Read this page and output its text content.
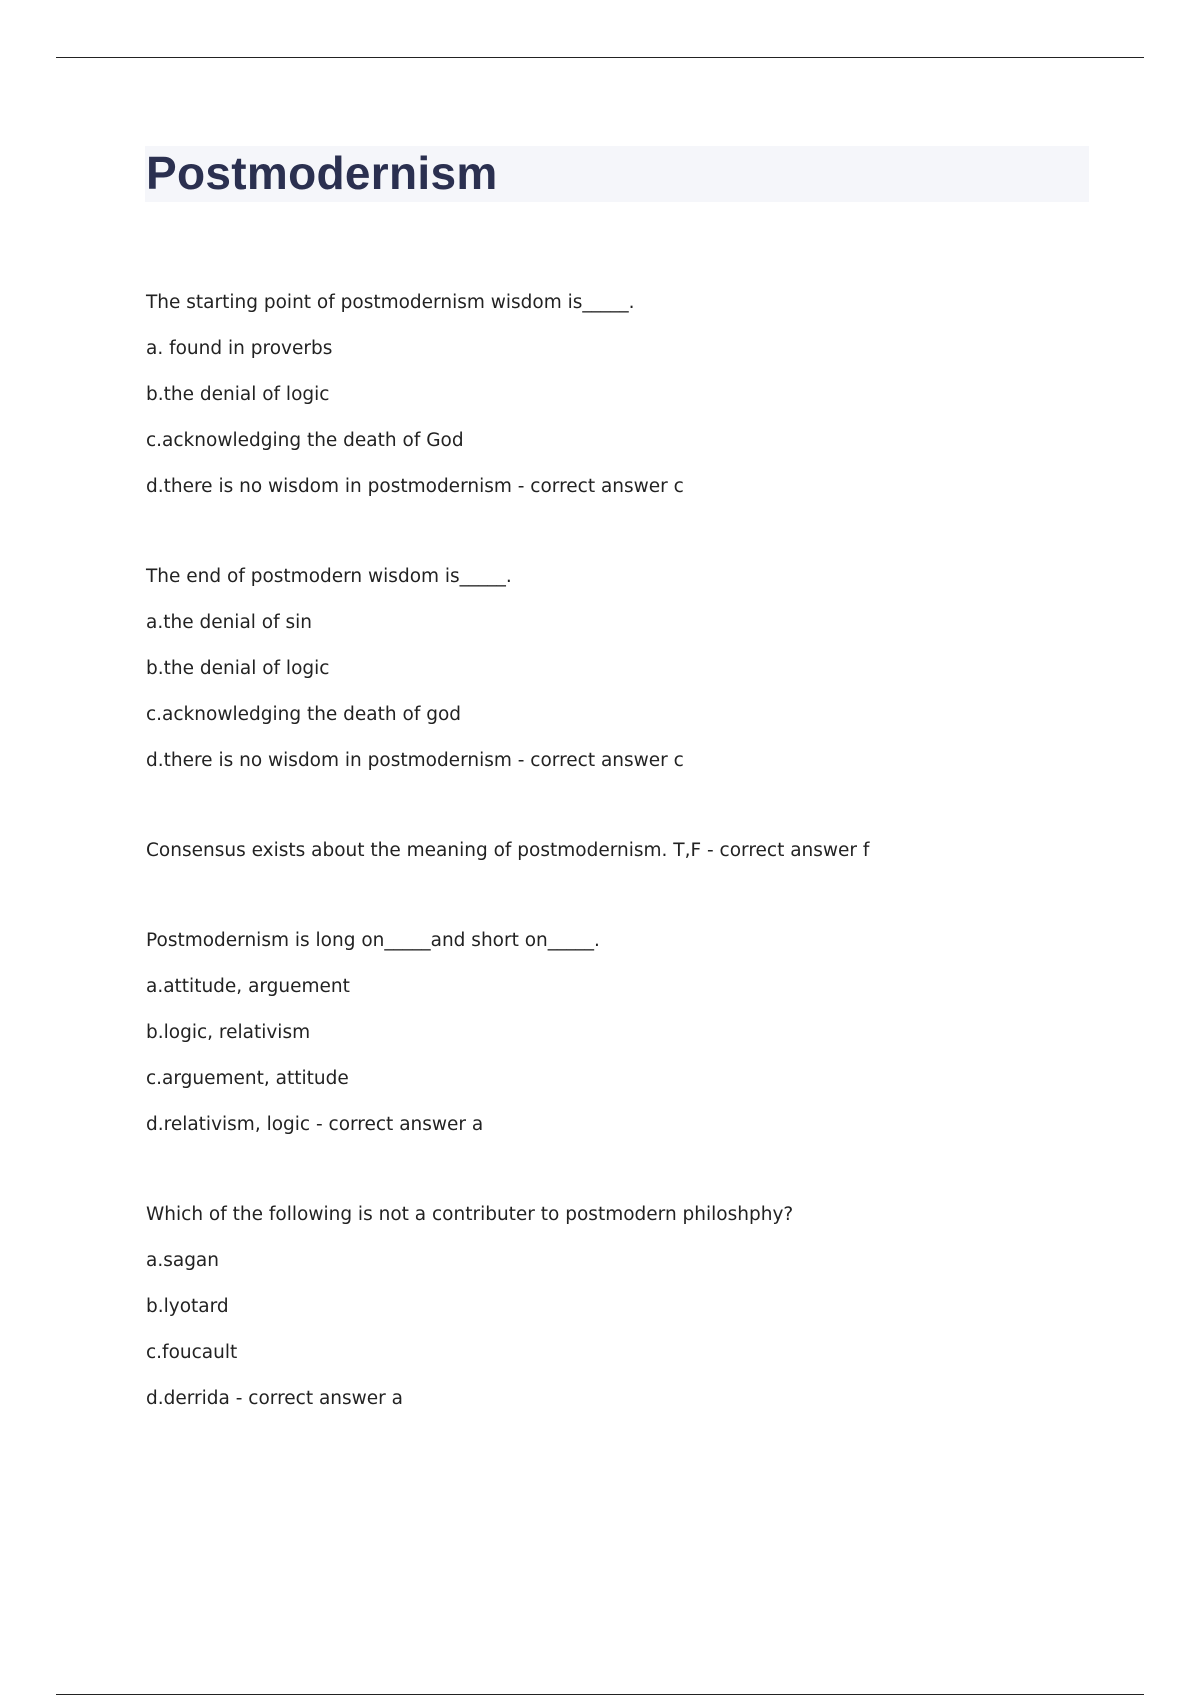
Postmodernism
The starting point of postmodernism wisdom is_____.
a. found in proverbs
b.the denial of logic
c.acknowledging the death of God
d.there is no wisdom in postmodernism - correct answer c
The end of postmodern wisdom is_____.
a.the denial of sin
b.the denial of logic
c.acknowledging the death of god
d.there is no wisdom in postmodernism - correct answer c
Consensus exists about the meaning of postmodernism. T,F - correct answer f
Postmodernism is long on_____and short on_____.
a.attitude, arguement
b.logic, relativism
c.arguement, attitude
d.relativism, logic - correct answer a
Which of the following is not a contributer to postmodern philoshphy?
a.sagan
b.lyotard
c.foucault
d.derrida - correct answer a
